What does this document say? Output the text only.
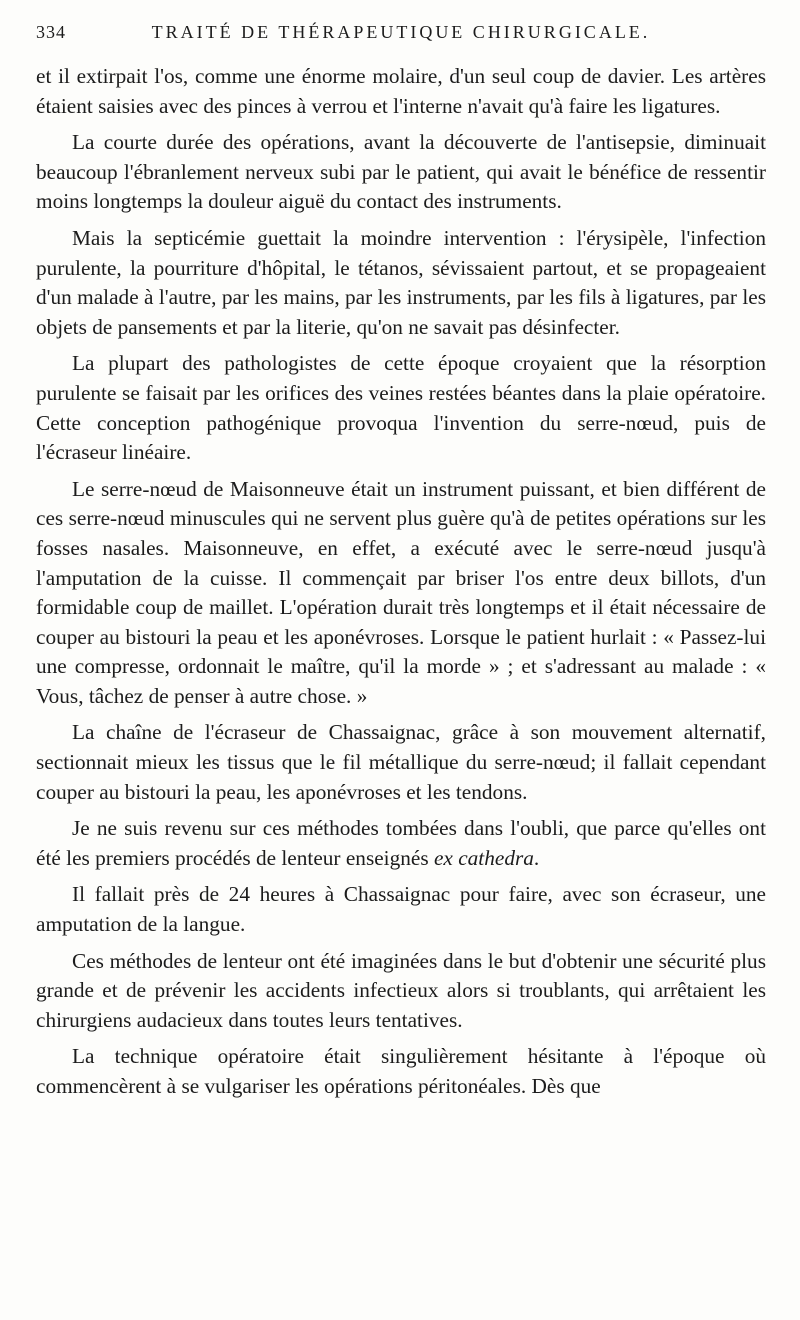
334	TRAITÉ DE THÉRAPEUTIQUE CHIRURGICALE.

et il extirpait l'os, comme une énorme molaire, d'un seul coup de davier. Les artères étaient saisies avec des pinces à verrou et l'interne n'avait qu'à faire les ligatures.

La courte durée des opérations, avant la découverte de l'antisepsie, diminuait beaucoup l'ébranlement nerveux subi par le patient, qui avait le bénéfice de ressentir moins longtemps la douleur aiguë du contact des instruments.

Mais la septicémie guettait la moindre intervention : l'érysipèle, l'infection purulente, la pourriture d'hôpital, le tétanos, sévissaient partout, et se propageaient d'un malade à l'autre, par les mains, par les instruments, par les fils à ligatures, par les objets de pansements et par la literie, qu'on ne savait pas désinfecter.

La plupart des pathologistes de cette époque croyaient que la résorption purulente se faisait par les orifices des veines restées béantes dans la plaie opératoire. Cette conception pathogénique provoqua l'invention du serre-nœud, puis de l'écraseur linéaire.

Le serre-nœud de Maisonneuve était un instrument puissant, et bien différent de ces serre-nœud minuscules qui ne servent plus guère qu'à de petites opérations sur les fosses nasales. Maisonneuve, en effet, a exécuté avec le serre-nœud jusqu'à l'amputation de la cuisse. Il commençait par briser l'os entre deux billots, d'un formidable coup de maillet. L'opération durait très longtemps et il était nécessaire de couper au bistouri la peau et les aponévroses. Lorsque le patient hurlait : « Passez-lui une compresse, ordonnait le maître, qu'il la morde » ; et s'adressant au malade : « Vous, tâchez de penser à autre chose. »

La chaîne de l'écraseur de Chassaignac, grâce à son mouvement alternatif, sectionnait mieux les tissus que le fil métallique du serre-nœud; il fallait cependant couper au bistouri la peau, les aponévroses et les tendons.

Je ne suis revenu sur ces méthodes tombées dans l'oubli, que parce qu'elles ont été les premiers procédés de lenteur enseignés ex cathedra.

Il fallait près de 24 heures à Chassaignac pour faire, avec son écraseur, une amputation de la langue.

Ces méthodes de lenteur ont été imaginées dans le but d'obtenir une sécurité plus grande et de prévenir les accidents infectieux alors si troublants, qui arrêtaient les chirurgiens audacieux dans toutes leurs tentatives.

La technique opératoire était singulièrement hésitante à l'époque où commencèrent à se vulgariser les opérations péritonéales. Dès que
